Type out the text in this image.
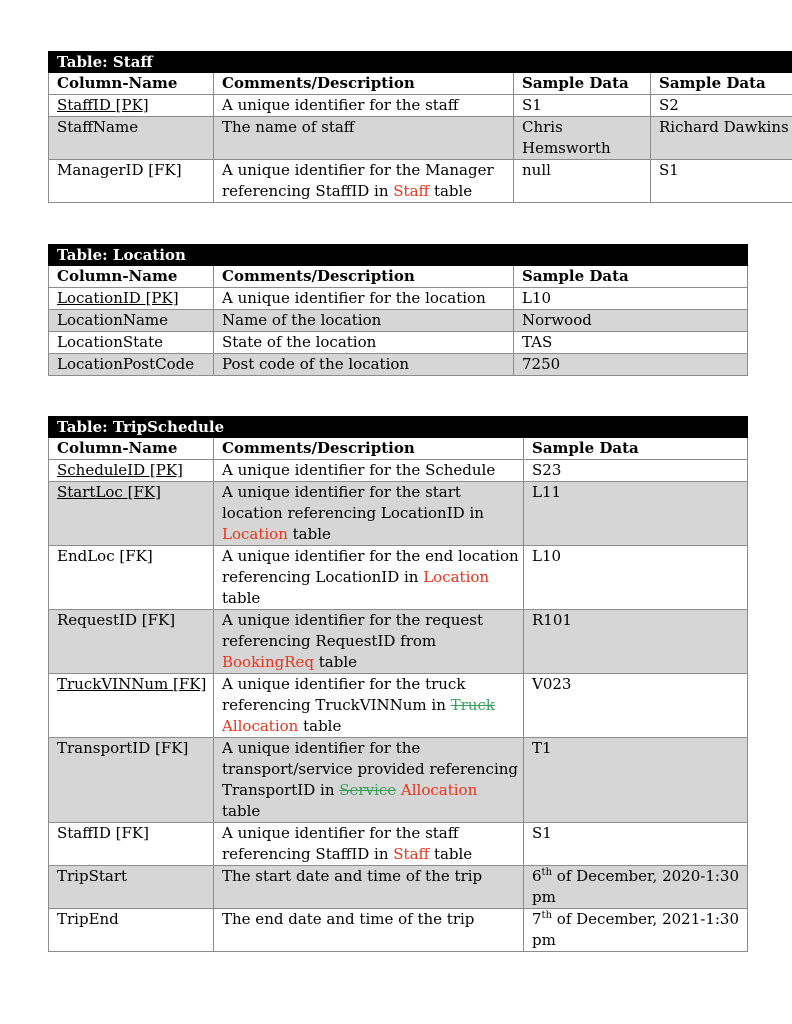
Table: Staff			
Column-Name	Comments/Description	Sample Data	Sample Data
StaffID [PK]	A unique identifier for the staff	S1	S2
StaffName	The name of staff	Chris Hemsworth	Richard Dawkins
ManagerID [FK]	A unique identifier for the Manager referencing StaffID in Staff table	null	S1
Table: Location		
Column-Name	Comments/Description	Sample Data
LocationID [PK]	A unique identifier for the location	L10
LocationName	Name of the location	Norwood
LocationState	State of the location	TAS
LocationPostCode	Post code of the location	7250
Table: TripSchedule		
Column-Name	Comments/Description	Sample Data
ScheduleID [PK]	A unique identifier for the Schedule	S23
StartLoc [FK]	A unique identifier for the start location referencing LocationID in Location table	L11
EndLoc [FK]	A unique identifier for the end location referencing LocationID in Location table	L10
RequestID [FK]	A unique identifier for the request referencing RequestID from BookingReq table	R101
TruckVINNum [FK]	A unique identifier for the truck referencing TruckVINNum in Truck Allocation table	V023
TransportID [FK]	A unique identifier for the transport/service provided referencing TransportID in Service Allocation table	T1
StaffID [FK]	A unique identifier for the staff referencing StaffID in Staff table	S1
TripStart	The start date and time of the trip	6th of December, 2020-1:30 pm
TripEnd	The end date and time of the trip	7th of December, 2021-1:30 pm
